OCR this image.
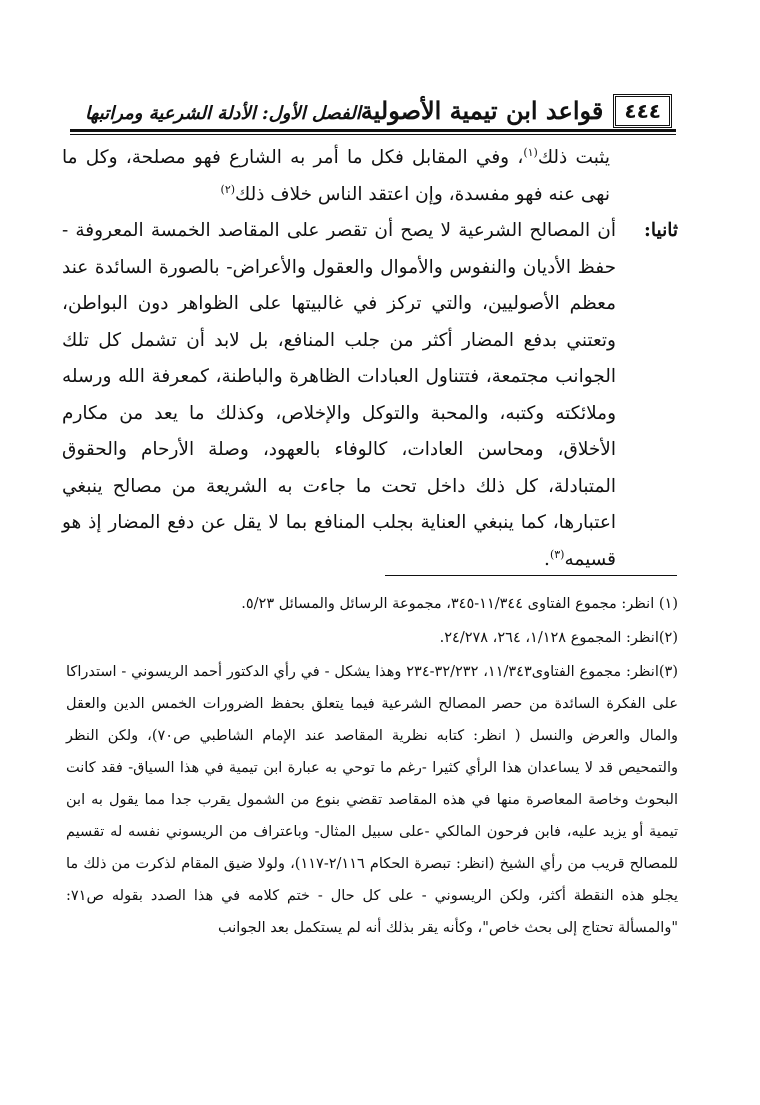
٤٤٤
قواعد ابن تيمية الأصولية
الفصل الأول: الأدلة الشرعية ومراتبها

يثبت ذلك$^{(١)}$، وفي المقابل فكل ما أمر به الشارع فهو مصلحة، وكل ما نهى عنه فهو مفسدة، وإن اعتقد الناس خلاف ذلك$^{(٢)}$

ثانيا:

أن المصالح الشرعية لا يصح أن تقصر على المقاصد الخمسة المعروفة - حفظ الأديان والنفوس والأموال والعقول والأعراض- بالصورة السائدة عند معظم الأصوليين، والتي تركز في غالبيتها على الظواهر دون البواطن، وتعتني بدفع المضار أكثر من جلب المنافع، بل لابد أن تشمل كل تلك الجوانب مجتمعة، فتتناول العبادات الظاهرة والباطنة، كمعرفة الله ورسله وملائكته وكتبه، والمحبة والتوكل والإخلاص، وكذلك ما يعد من مكارم الأخلاق، ومحاسن العادات، كالوفاء بالعهود، وصلة الأرحام والحقوق المتبادلة، كل ذلك داخل تحت ما جاءت به الشريعة من مصالح ينبغي اعتبارها، كما ينبغي العناية بجلب المنافع بما لا يقل عن دفع المضار إذ هو قسيمه$^{(٣)}$.

(١) انظر: مجموع الفتاوى ١١/٣٤٤-٣٤٥، مجموعة الرسائل والمسائل ٥/٢٣.

(٢)انظر: المجموع ١/١٢٨، ٢٦٤، ٢٤/٢٧٨.

(٣)انظر: مجموع الفتاوى١١/٣٤٣، ٣٢/٢٣٢-٢٣٤ وهذا يشكل - في رأي الدكتور أحمد الريسوني - استدراكا على الفكرة السائدة من حصر المصالح الشرعية فيما يتعلق بحفظ الضرورات الخمس الدين والعقل والمال والعرض والنسل ( انظر: كتابه نظرية المقاصد عند الإمام الشاطبي ص٧٠)، ولكن النظر والتمحيص قد لا يساعدان هذا الرأي كثيرا -رغم ما توحي به عبارة ابن تيمية في هذا السياق- فقد كانت البحوث وخاصة المعاصرة منها في هذه المقاصد تقضي بنوع من الشمول يقرب جدا مما يقول به ابن تيمية أو يزيد عليه، فابن فرحون المالكي -على سبيل المثال- وباعتراف من الريسوني نفسه له تقسيم للمصالح قريب من رأي الشيخ (انظر: تبصرة الحكام ٢/١١٦-١١٧)، ولولا ضيق المقام لذكرت من ذلك ما يجلو هذه النقطة أكثر، ولكن الريسوني - على كل حال - ختم كلامه في هذا الصدد بقوله ص٧١: "والمسألة تحتاج إلى بحث خاص"، وكأنه يقر بذلك أنه لم يستكمل بعد الجوانب
